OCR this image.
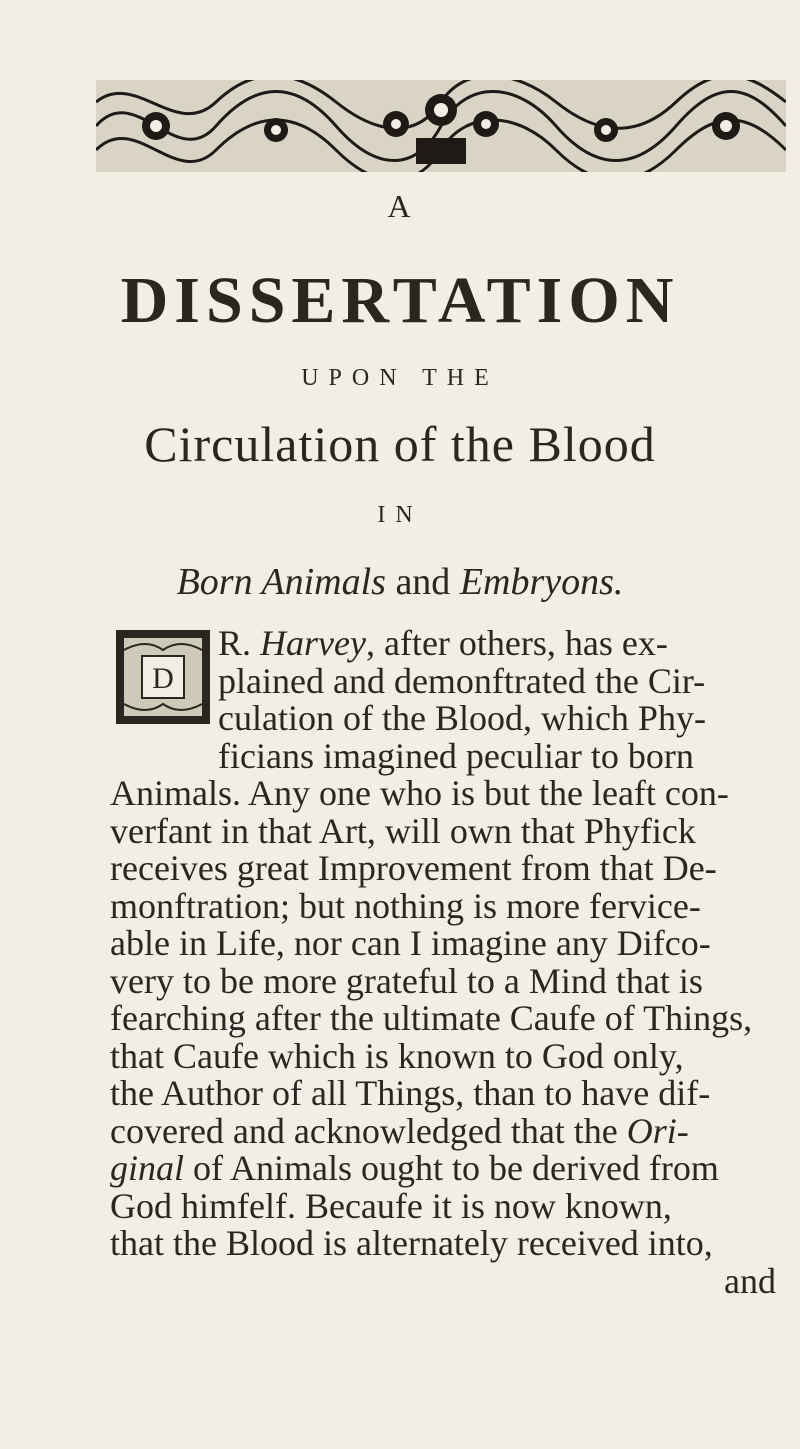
A

DISSERTATION

UPON THE

Circulation of the Blood

IN

Born Animals and Embryons.

D
R. Harvey, after others, has ex-
plained and demonftrated the Cir-
culation of the Blood, which Phy-
ficians imagined peculiar to born
Animals. Any one who is but the leaft con-
verfant in that Art, will own that Phyfick
receives great Improvement from that De-
monftration; but nothing is more fervice-
able in Life, nor can I imagine any Difco-
very to be more grateful to a Mind that is
fearching after the ultimate Caufe of Things,
that Caufe which is known to God only,
the Author of all Things, than to have dif-
covered and acknowledged that the Ori-
ginal of Animals ought to be derived from
God himfelf. Becaufe it is now known,
that the Blood is alternately received into,
and
